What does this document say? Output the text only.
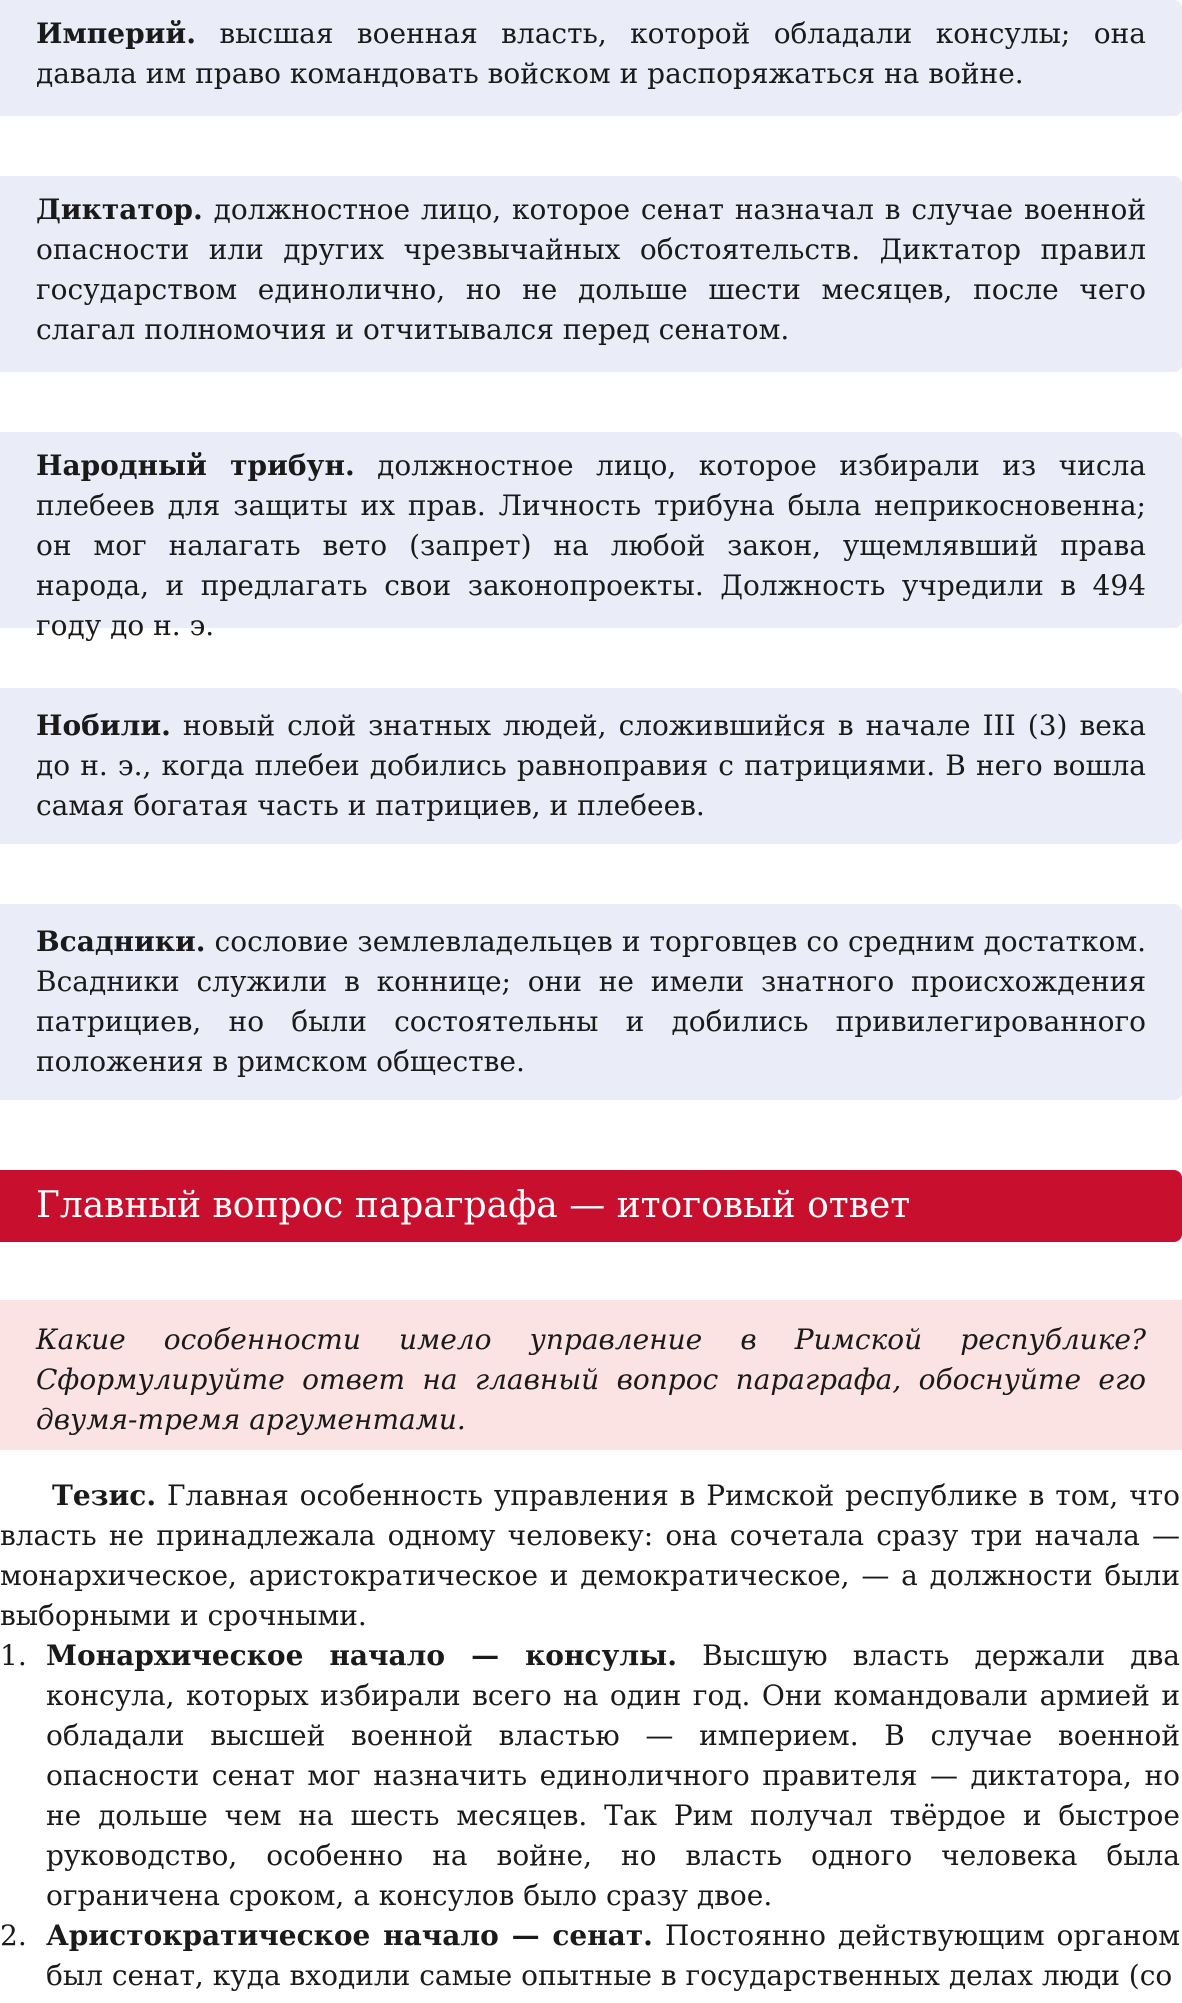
Империй. высшая военная власть, которой обладали консулы; она давала им право командовать войском и распоряжаться на войне.
Диктатор. должностное лицо, которое сенат назначал в случае военной опасности или других чрезвычайных обстоятельств. Диктатор правил государством единолично, но не дольше шести месяцев, после чего слагал полномочия и отчитывался перед сенатом.
Народный трибун. должностное лицо, которое избирали из числа плебеев для защиты их прав. Личность трибуна была неприкосновенна; он мог налагать вето (запрет) на любой закон, ущемлявший права народа, и предлагать свои законопроекты. Должность учредили в 494 году до н. э.
Нобили. новый слой знатных людей, сложившийся в начале III (3) века до н. э., когда плебеи добились равноправия с патрициями. В него вошла самая богатая часть и патрициев, и плебеев.
Всадники. сословие землевладельцев и торговцев со средним достатком. Всадники служили в коннице; они не имели знатного происхождения патрициев, но были состоятельны и добились привилегированного положения в римском обществе.
Главный вопрос параграфа — итоговый ответ
Какие особенности имело управление в Римской республике? Сформулируйте ответ на главный вопрос параграфа, обоснуйте его двумя-тремя аргументами.

Тезис. Главная особенность управления в Римской республике в том, что власть не принадлежала одному человеку: она сочетала сразу три начала — монархическое, аристократическое и демократическое, — а должности были выборными и срочными.

1. Монархическое начало — консулы. Высшую власть держали два консула, которых избирали всего на один год. Они командовали армией и обладали высшей военной властью — империем. В случае военной опасности сенат мог назначить единоличного правителя — диктатора, но не дольше чем на шесть месяцев. Так Рим получал твёрдое и быстрое руководство, особенно на войне, но власть одного человека была ограничена сроком, а консулов было сразу двое.

2. Аристократическое начало — сенат. Постоянно действующим органом был сенат, куда входили самые опытные в государственных делах люди (со
